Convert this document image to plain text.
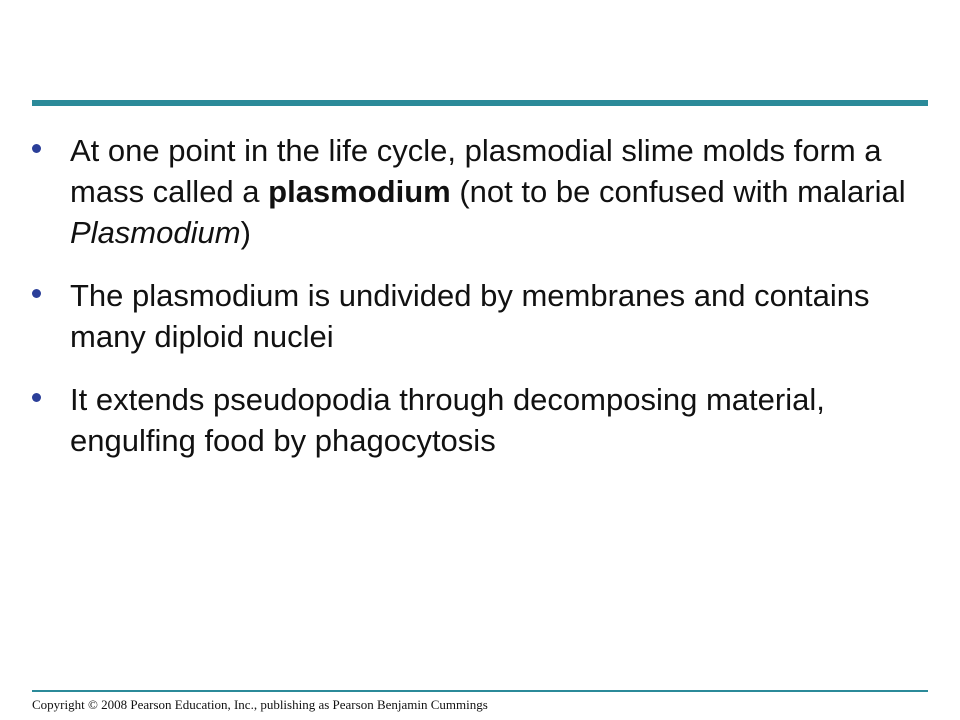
At one point in the life cycle, plasmodial slime molds form a mass called a plasmodium (not to be confused with malarial Plasmodium)
The plasmodium is undivided by membranes and contains many diploid nuclei
It extends pseudopodia through decomposing material, engulfing food by phagocytosis
Copyright © 2008 Pearson Education, Inc., publishing as Pearson Benjamin Cummings
